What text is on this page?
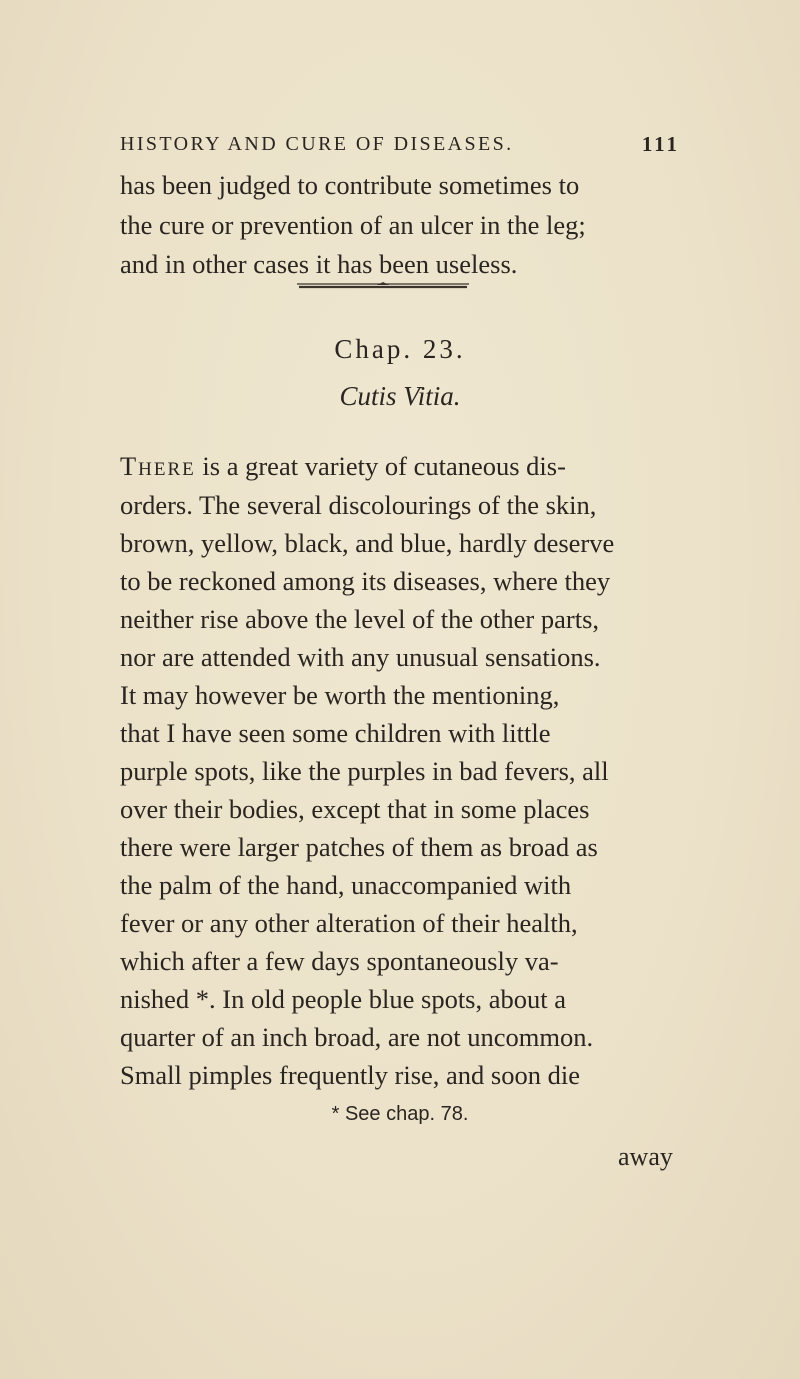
HISTORY AND CURE OF DISEASES.	111
has been judged to contribute sometimes to
the cure or prevention of an ulcer in the leg;
and in other cases it has been useless.
Chap. 23.
Cutis Vitia.
There is a great variety of cutaneous dis-
orders. The several discolourings of the skin,
brown, yellow, black, and blue, hardly deserve
to be reckoned among its diseases, where they
neither rise above the level of the other parts,
nor are attended with any unusual sensations.
It may however be worth the mentioning,
that I have seen some children with little
purple spots, like the purples in bad fevers, all
over their bodies, except that in some places
there were larger patches of them as broad as
the palm of the hand, unaccompanied with
fever or any other alteration of their health,
which after a few days spontaneously va-
nished *. In old people blue spots, about a
quarter of an inch broad, are not uncommon.
Small pimples frequently rise, and soon die
* See chap. 78.
away
